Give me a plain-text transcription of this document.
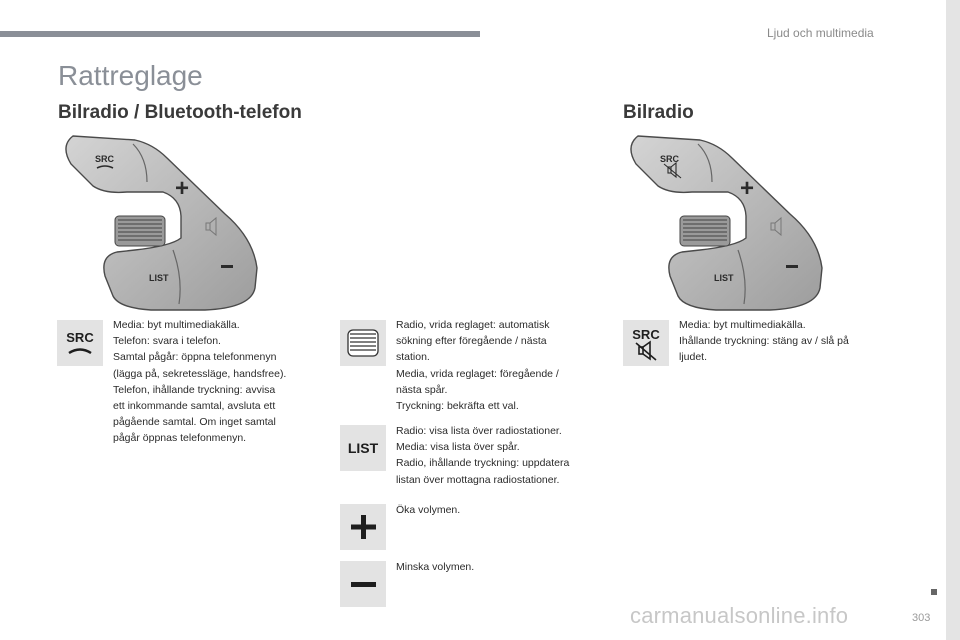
Ljud och multimedia
Rattreglage
Bilradio / Bluetooth-telefon	Bilradio
SRC
+
LIST
SRC
+
LIST
SRC
Media: byt multimediakälla.
Telefon: svara i telefon.
Samtal pågår: öppna telefonmenyn
(lägga på, sekretessläge, handsfree).
Telefon, ihållande tryckning: avvisa
ett inkommande samtal, avsluta ett
pågående samtal. Om inget samtal
pågår öppnas telefonmenyn.
Radio, vrida reglaget: automatisk
sökning efter föregående / nästa
station.
Media, vrida reglaget: föregående /
nästa spår.
Tryckning: bekräfta ett val.
LIST
Radio: visa lista över radiostationer.
Media: visa lista över spår.
Radio, ihållande tryckning: uppdatera
listan över mottagna radiostationer.
Öka volymen.
Minska volymen.
SRC
Media: byt multimediakälla.
Ihållande tryckning: stäng av / slå på
ljudet.
carmanualsonline.info	303
